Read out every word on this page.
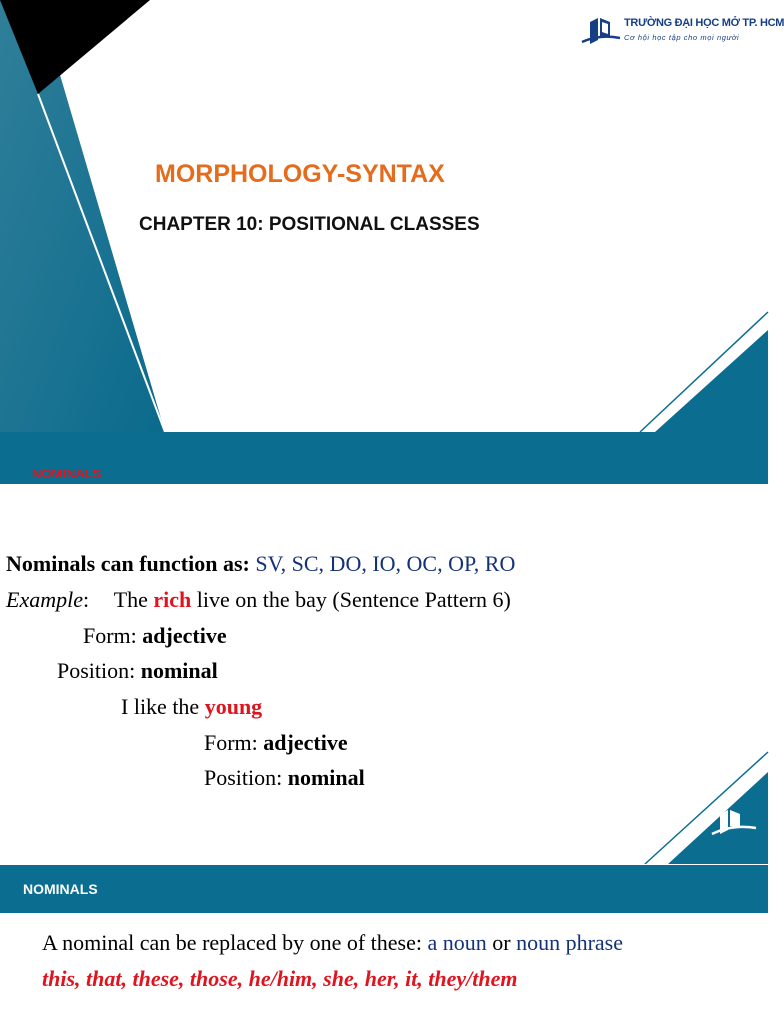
TRƯỜNG ĐẠI HỌC MỞ TP. HCM
Cơ hội học tập cho mọi người
MORPHOLOGY-SYNTAX
CHAPTER 10: POSITIONAL CLASSES
NOMINALS
Nominals can function as: SV, SC, DO, IO, OC, OP, RO
Example: The rich live on the bay (Sentence Pattern 6)
Form: adjective
Position: nominal
I like the young
Form: adjective
Position: nominal
NOMINALS
A nominal can be replaced by one of these: a noun or noun phrase
this, that, these, those, he/him, she, her, it, they/them
